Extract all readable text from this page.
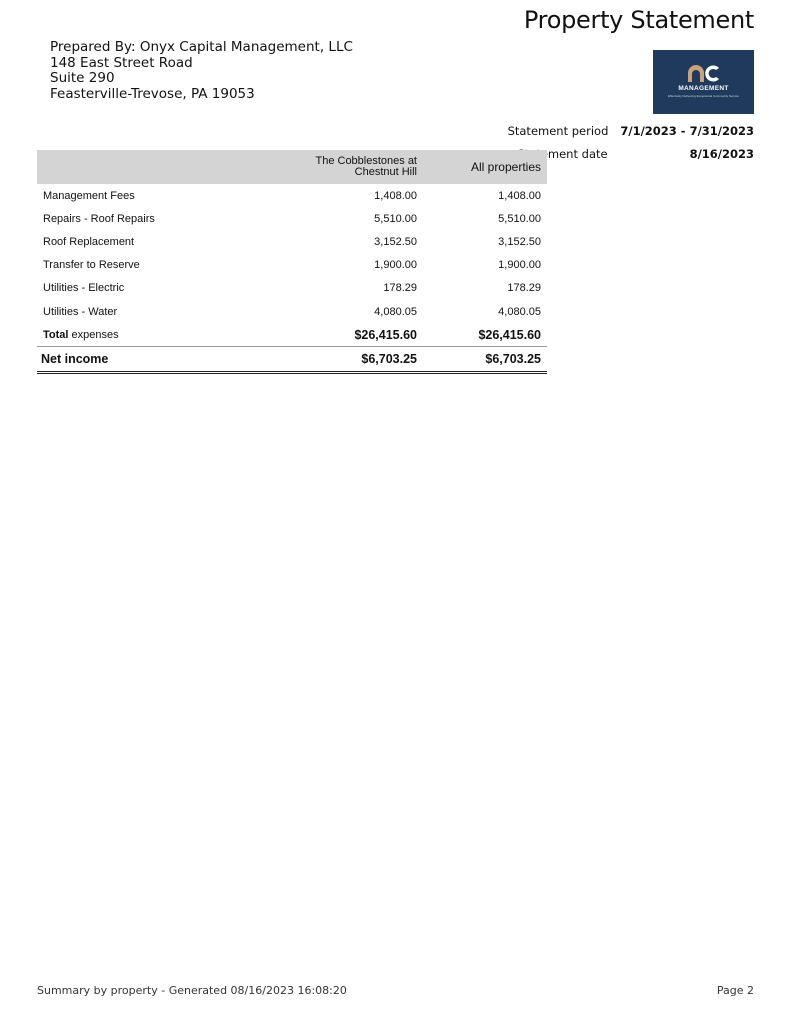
Property Statement
Prepared By: Onyx Capital Management, LLC
148 East Street Road
Suite 290
Feasterville-Trevose, PA 19053	MANAGEMENT
Effectively Delivering Exceptional Community Service
Statement period 7/1/2023 - 7/31/2023
Statement date	8/16/2023
	The Cobblestones at Chestnut Hill	All properties
Management Fees	1,408.00	1,408.00
Repairs - Roof Repairs	5,510.00	5,510.00
Roof Replacement	3,152.50	3,152.50
Transfer to Reserve	1,900.00	1,900.00
Utilities - Electric	178.29	178.29
Utilities - Water	4,080.05	4,080.05
Total expenses	$26,415.60	$26,415.60
Net income	$6,703.25	$6,703.25
Summary by property - Generated 08/16/2023 16:08:20	Page 2
